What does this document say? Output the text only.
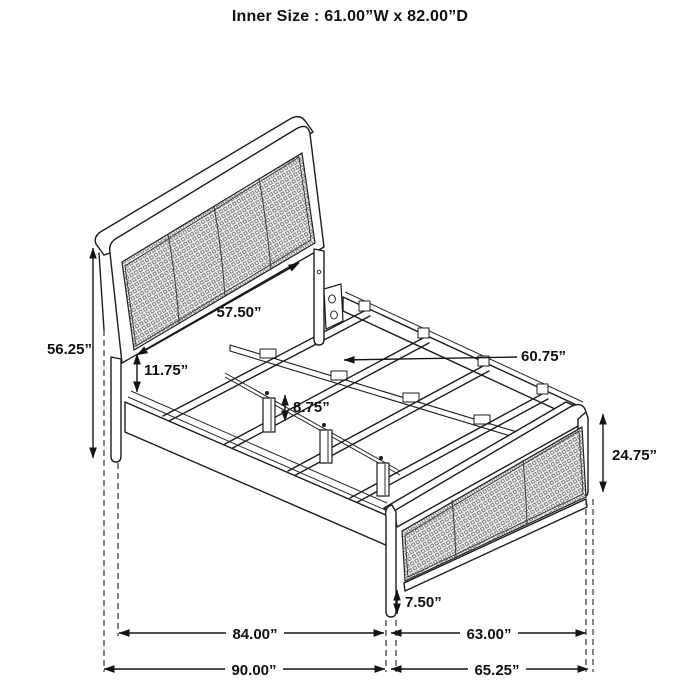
Inner Size : 61.00”W x 82.00”D
56.25”
11.75”
57.50”
8.75”
60.75”
24.75”
7.50”
84.00”	63.00”
90.00”	65.25”
